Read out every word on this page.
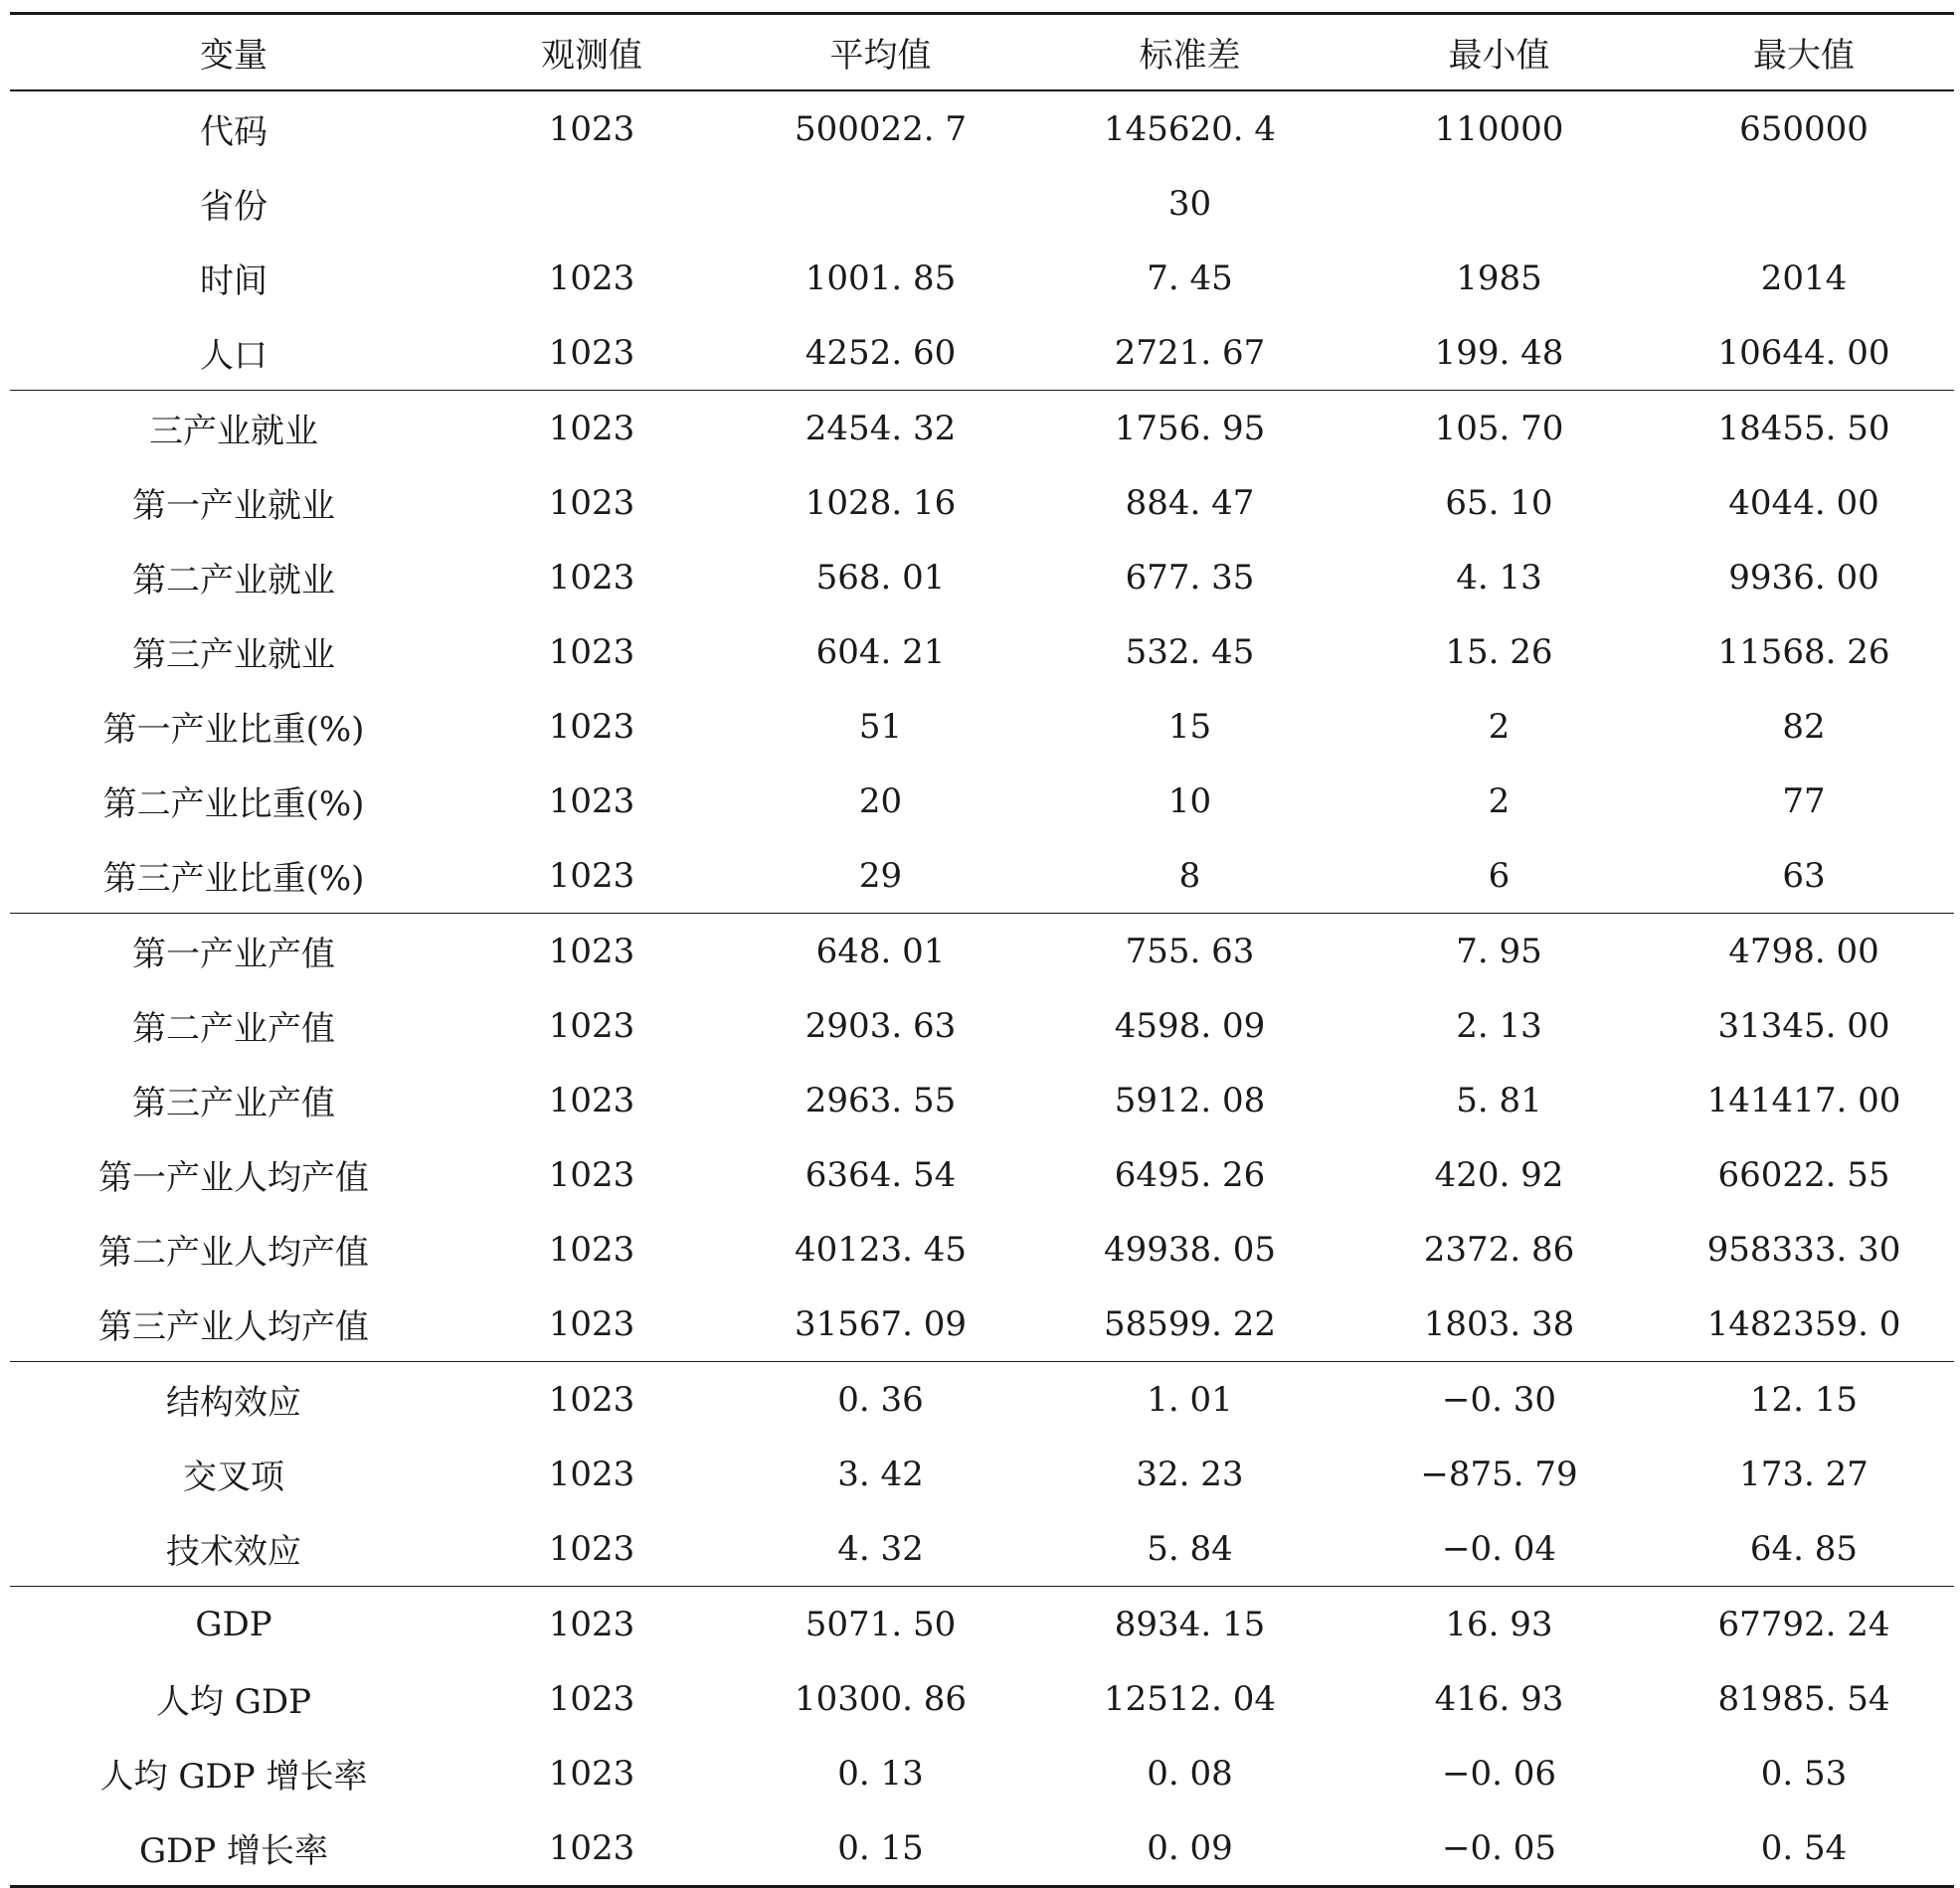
变量	观测值	平均值	标准差	最小值	最大值
代码	1023	500022. 7	145620. 4	110000	650000
省份			30		
时间	1023	1001. 85	7. 45	1985	2014
人口	1023	4252. 60	2721. 67	199. 48	10644. 00
三产业就业	1023	2454. 32	1756. 95	105. 70	18455. 50
第一产业就业	1023	1028. 16	884. 47	65. 10	4044. 00
第二产业就业	1023	568. 01	677. 35	4. 13	9936. 00
第三产业就业	1023	604. 21	532. 45	15. 26	11568. 26
第一产业比重(%)	1023	51	15	2	82
第二产业比重(%)	1023	20	10	2	77
第三产业比重(%)	1023	29	8	6	63
第一产业产值	1023	648. 01	755. 63	7. 95	4798. 00
第二产业产值	1023	2903. 63	4598. 09	2. 13	31345. 00
第三产业产值	1023	2963. 55	5912. 08	5. 81	141417. 00
第一产业人均产值	1023	6364. 54	6495. 26	420. 92	66022. 55
第二产业人均产值	1023	40123. 45	49938. 05	2372. 86	958333. 30
第三产业人均产值	1023	31567. 09	58599. 22	1803. 38	1482359. 0
结构效应	1023	0. 36	1. 01	−0. 30	12. 15
交叉项	1023	3. 42	32. 23	−875. 79	173. 27
技术效应	1023	4. 32	5. 84	−0. 04	64. 85
GDP	1023	5071. 50	8934. 15	16. 93	67792. 24
人均 GDP	1023	10300. 86	12512. 04	416. 93	81985. 54
人均 GDP 增长率	1023	0. 13	0. 08	−0. 06	0. 53
GDP 增长率	1023	0. 15	0. 09	−0. 05	0. 54
